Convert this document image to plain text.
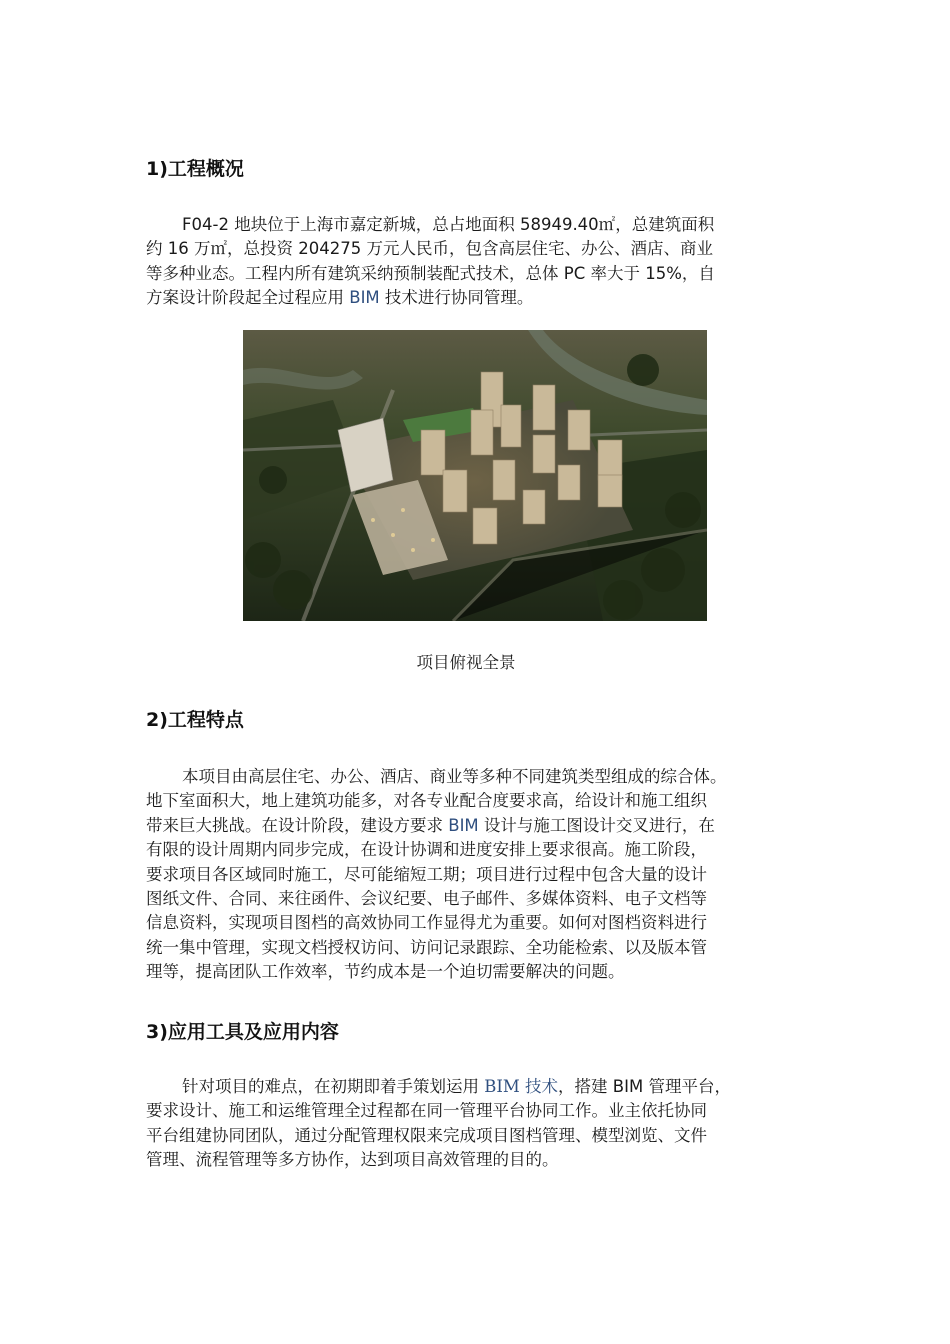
1)工程概况
F04-2 地块位于上海市嘉定新城，总占地面积 58949.40㎡，总建筑面积
约 16 万㎡，总投资 204275 万元人民币，包含高层住宅、办公、酒店、商业
等多种业态。工程内所有建筑采纳预制装配式技术，总体 PC 率大于 15%，自
方案设计阶段起全过程应用 BIM 技术进行协同管理。
项目俯视全景
2)工程特点
本项目由高层住宅、办公、酒店、商业等多种不同建筑类型组成的综合体。
地下室面积大，地上建筑功能多，对各专业配合度要求高，给设计和施工组织
带来巨大挑战。在设计阶段，建设方要求 BIM 设计与施工图设计交叉进行，在
有限的设计周期内同步完成，在设计协调和进度安排上要求很高。施工阶段，
要求项目各区域同时施工，尽可能缩短工期；项目进行过程中包含大量的设计
图纸文件、合同、来往函件、会议纪要、电子邮件、多媒体资料、电子文档等
信息资料，实现项目图档的高效协同工作显得尤为重要。如何对图档资料进行
统一集中管理，实现文档授权访问、访问记录跟踪、全功能检索、以及版本管
理等，提高团队工作效率，节约成本是一个迫切需要解决的问题。
3)应用工具及应用内容
针对项目的难点，在初期即着手策划运用 BIM 技术，搭建 BIM 管理平台，
要求设计、施工和运维管理全过程都在同一管理平台协同工作。业主依托协同
平台组建协同团队，通过分配管理权限来完成项目图档管理、模型浏览、文件
管理、流程管理等多方协作，达到项目高效管理的目的。
